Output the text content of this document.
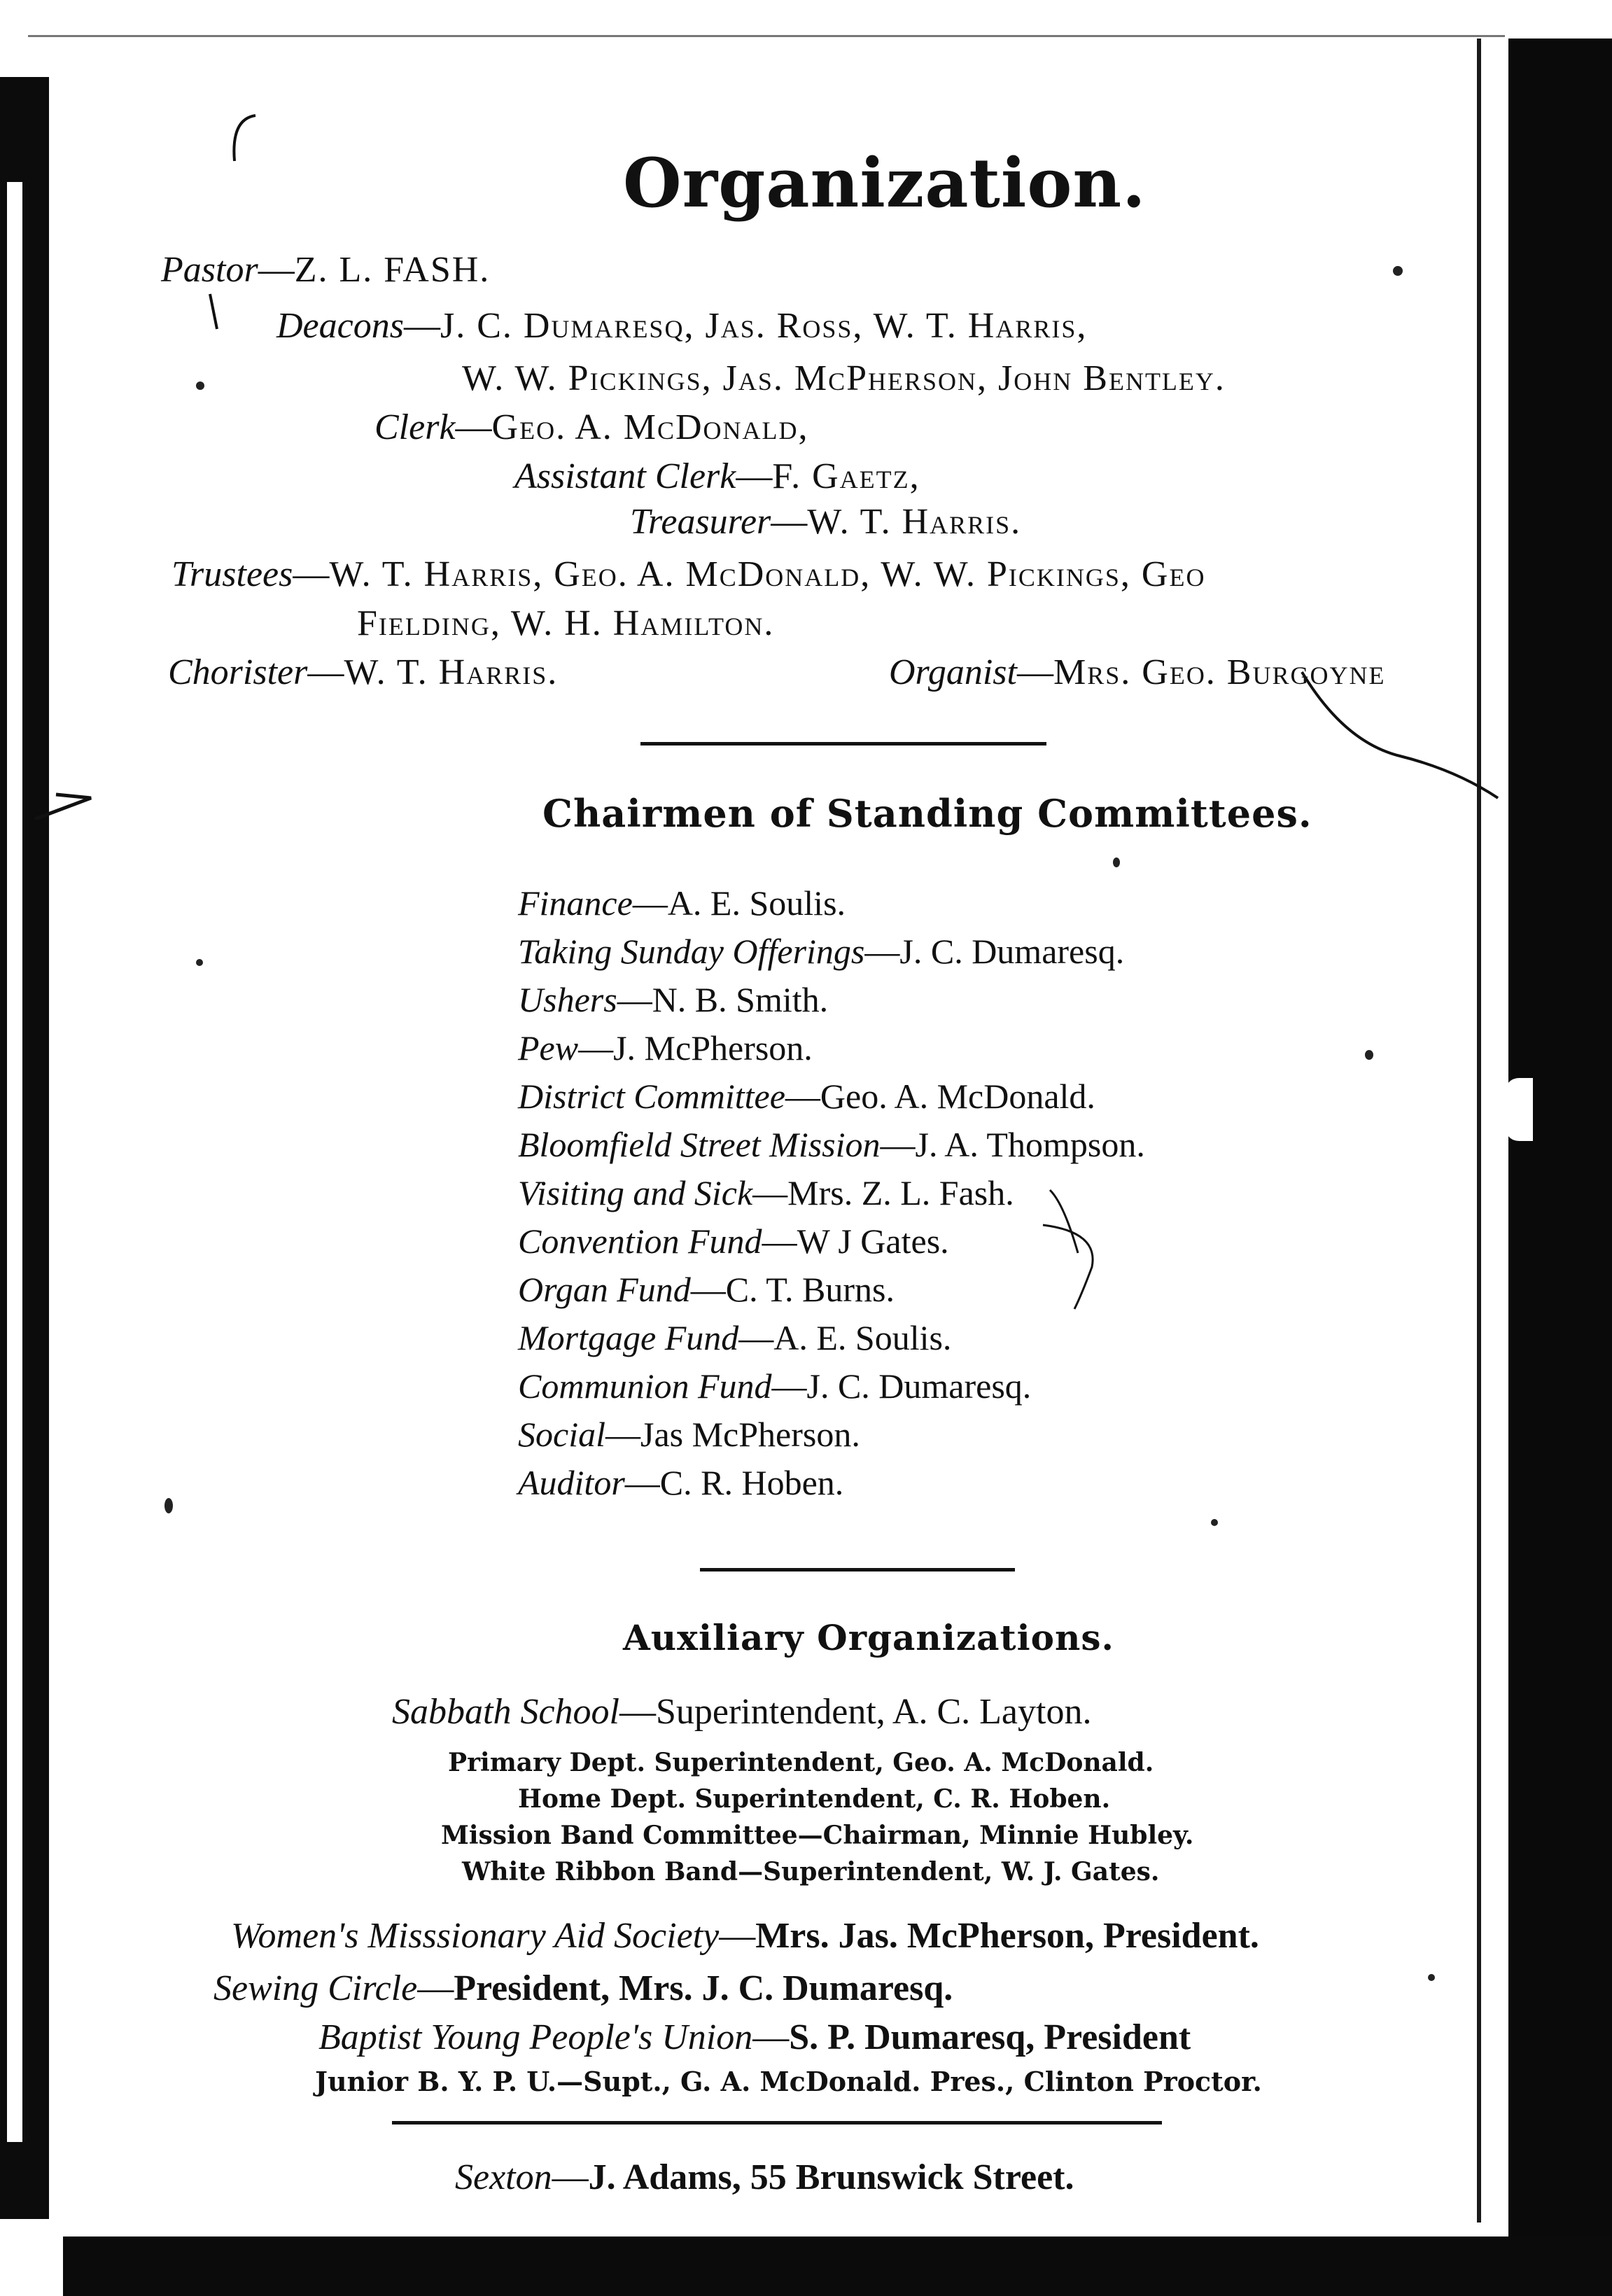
Organization.
Pastor—Z. L. FASH.
Deacons—J. C. Dumaresq, Jas. Ross, W. T. Harris,
W. W. Pickings, Jas. McPherson, John Bentley.
Clerk—Geo. A. McDonald,
Assistant Clerk—F. Gaetz,
Treasurer—W. T. Harris.
Trustees—W. T. Harris, Geo. A. McDonald, W. W. Pickings, Geo
Fielding, W. H. Hamilton.
Chorister—W. T. Harris.	Organist—Mrs. Geo. Burgoyne
Chairmen of Standing Committees.
Finance—A. E. Soulis.
Taking Sunday Offerings—J. C. Dumaresq.
Ushers—N. B. Smith.
Pew—J. McPherson.
District Committee—Geo. A. McDonald.
Bloomfield Street Mission—J. A. Thompson.
Visiting and Sick—Mrs. Z. L. Fash.
Convention Fund—W J Gates.
Organ Fund—C. T. Burns.
Mortgage Fund—A. E. Soulis.
Communion Fund—J. C. Dumaresq.
Social—Jas McPherson.
Auditor—C. R. Hoben.
Auxiliary Organizations.
Sabbath School—Superintendent, A. C. Layton.
Primary Dept. Superintendent, Geo. A. McDonald.
Home Dept. Superintendent, C. R. Hoben.
Mission Band Committee—Chairman, Minnie Hubley.
White Ribbon Band—Superintendent, W. J. Gates.
Women's Misssionary Aid Society—Mrs. Jas. McPherson, President.
Sewing Circle—President, Mrs. J. C. Dumaresq.
Baptist Young People's Union—S. P. Dumaresq, President
Junior B. Y. P. U.—Supt., G. A. McDonald. Pres., Clinton Proctor.
Sexton—J. Adams, 55 Brunswick Street.
